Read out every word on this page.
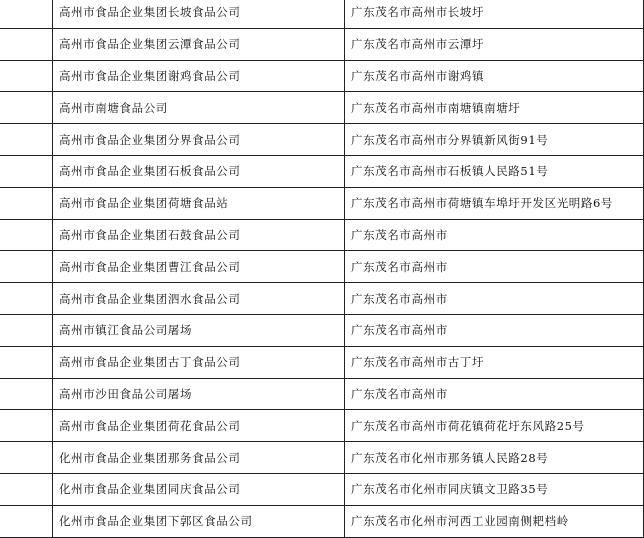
	高州市食品企业集团长坡食品公司	广东茂名市高州市长坡圩
	高州市食品企业集团云潭食品公司	广东茂名市高州市云潭圩
	高州市食品企业集团谢鸡食品公司	广东茂名市高州市谢鸡镇
	高州市南塘食品公司	广东茂名市高州市南塘镇南塘圩
	高州市食品企业集团分界食品公司	广东茂名市高州市分界镇新风街91号
	高州市食品企业集团石板食品公司	广东茂名市高州市石板镇人民路51号
	高州市食品企业集团荷塘食品站	广东茂名市高州市荷塘镇车埠圩开发区光明路6号
	高州市食品企业集团石鼓食品公司	广东茂名市高州市
	高州市食品企业集团曹江食品公司	广东茂名市高州市
	高州市食品企业集团泗水食品公司	广东茂名市高州市
	高州市镇江食品公司屠场	广东茂名市高州市
	高州市食品企业集团古丁食品公司	广东茂名市高州市古丁圩
	高州市沙田食品公司屠场	广东茂名市高州市
	高州市食品企业集团荷花食品公司	广东茂名市高州市荷花镇荷花圩东风路25号
	化州市食品企业集团那务食品公司	广东茂名市化州市那务镇人民路28号
	化州市食品企业集团同庆食品公司	广东茂名市化州市同庆镇文卫路35号
	化州市食品企业集团下郭区食品公司	广东茂名市化州市河西工业园南侧耙档岭
